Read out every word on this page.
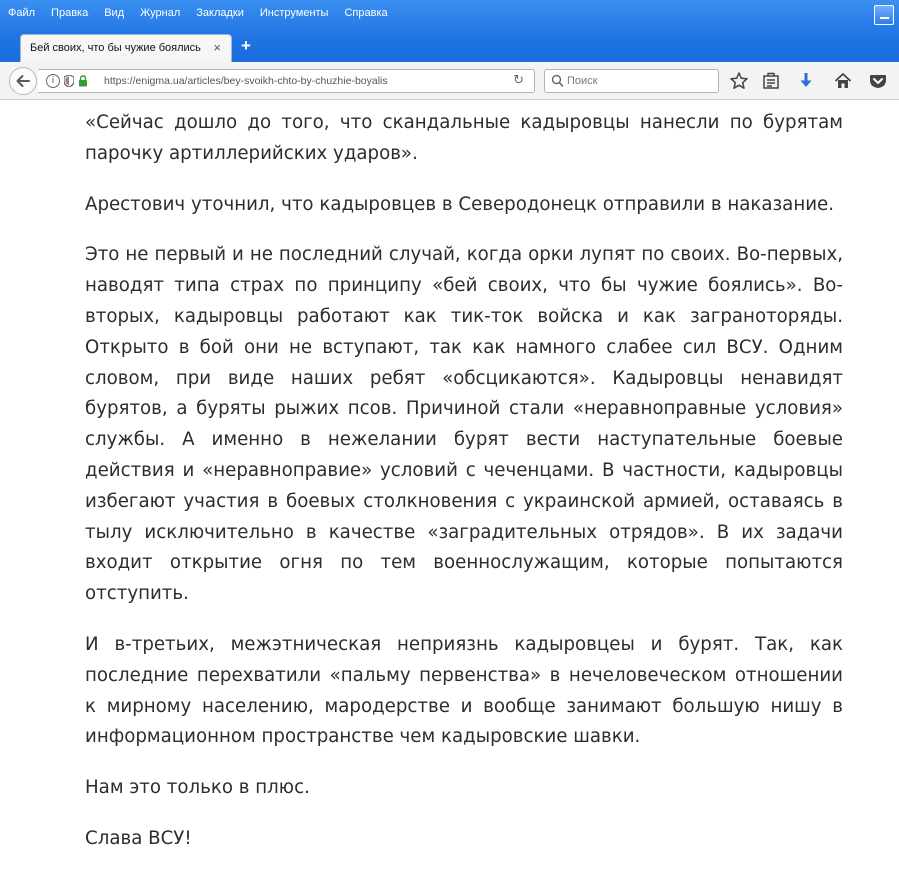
Файл Правка Вид Журнал Закладки Инструменты Справка
Бей своих, что бы чужие боялись × +
i	https://enigma.ua/articles/bey-svoikh-chto-by-chuzhie-boyalis	↻	Поиск

«Сейчас дошло до того, что скандальные кадыровцы нанесли по бурятам парочку артиллерийских ударов».

Арестович уточнил, что кадыровцев в Северодонецк отправили в наказание.

Это не первый и не последний случай, когда орки лупят по своих. Во-первых, наводят типа страх по принципу «бей своих, что бы чужие боялись». Во-вторых, кадыровцы работают как тик-ток войска и как заграноторяды. Открыто в бой они не вступают, так как намного слабее сил ВСУ. Одним словом, при виде наших ребят «обсцикаются». Кадыровцы ненавидят бурятов, а буряты рыжих псов. Причиной стали «неравноправные условия» службы. А именно в нежелании бурят вести наступательные боевые действия и «неравноправие» условий с чеченцами. В частности, кадыровцы избегают участия в боевых столкновения с украинской армией, оставаясь в тылу исключительно в качестве «заградительных отрядов». В их задачи входит открытие огня по тем военнослужащим, которые попытаются отступить.

И в-третьих, межэтническая неприязнь кадыровцеы и бурят. Так, как последние перехватили «пальму первенства» в нечеловеческом отношении к мирному населению, мародерстве и вообще занимают большую нишу в информационном пространстве чем кадыровские шавки.

Нам это только в плюс.

Слава ВСУ!
